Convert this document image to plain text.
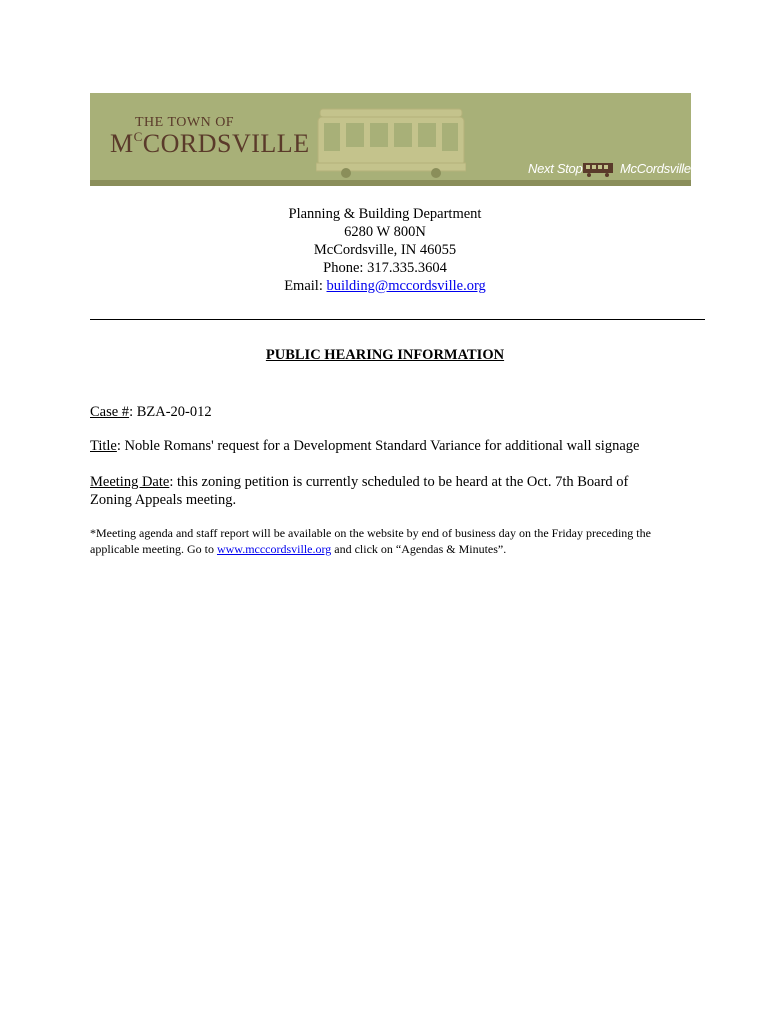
THE TOWN OF
$M^CCORDSVILLE$
Next Stop	McCordsville
Planning & Building Department
6280 W 800N
McCordsville, IN 46055
Phone: 317.335.3604
Email: building@mccordsville.org
PUBLIC HEARING INFORMATION
Case #: BZA-20-012
Title: Noble Romans' request for a Development Standard Variance for additional wall signage
Meeting Date: this zoning petition is currently scheduled to be heard at the Oct. 7th Board of Zoning Appeals meeting.
*Meeting agenda and staff report will be available on the website by end of business day on the Friday preceding the applicable meeting. Go to www.mcccordsville.org and click on “Agendas & Minutes”.
